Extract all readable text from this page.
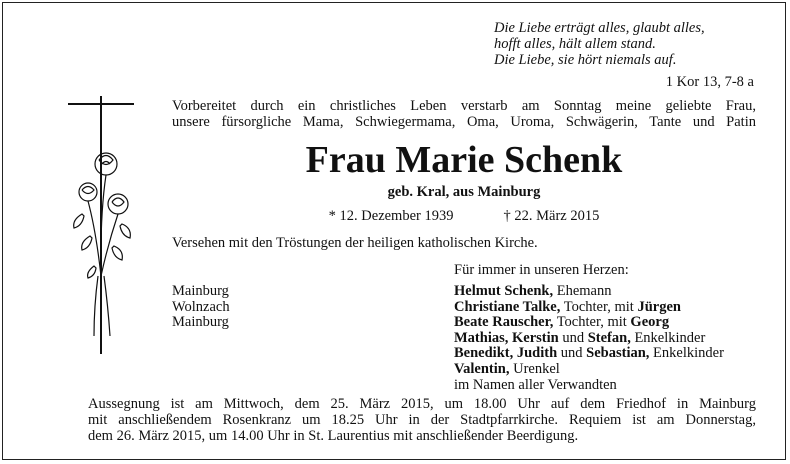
Die Liebe erträgt alles, glaubt alles,
hofft alles, hält allem stand.
Die Liebe, sie hört niemals auf.
1 Kor 13, 7-8 a
Vorbereitet durch ein christliches Leben verstarb am Sonntag meine geliebte Frau,
unsere fürsorgliche Mama, Schwiegermama, Oma, Uroma, Schwägerin, Tante und Patin
Frau Marie Schenk
geb. Kral, aus Mainburg
* 12. Dezember 1939	† 22. März 2015
Versehen mit den Tröstungen der heiligen katholischen Kirche.
Für immer in unseren Herzen:
Mainburg
Wolnzach
Mainburg
Helmut Schenk, Ehemann
Christiane Talke, Tochter, mit Jürgen
Beate Rauscher, Tochter, mit Georg
Mathias, Kerstin und Stefan, Enkelkinder
Benedikt, Judith und Sebastian, Enkelkinder
Valentin, Urenkel
im Namen aller Verwandten
Aussegnung ist am Mittwoch, dem 25. März 2015, um 18.00 Uhr auf dem Friedhof in Mainburg
mit anschließendem Rosenkranz um 18.25 Uhr in der Stadtpfarrkirche. Requiem ist am Donnerstag,
dem 26. März 2015, um 14.00 Uhr in St. Laurentius mit anschließender Beerdigung.
